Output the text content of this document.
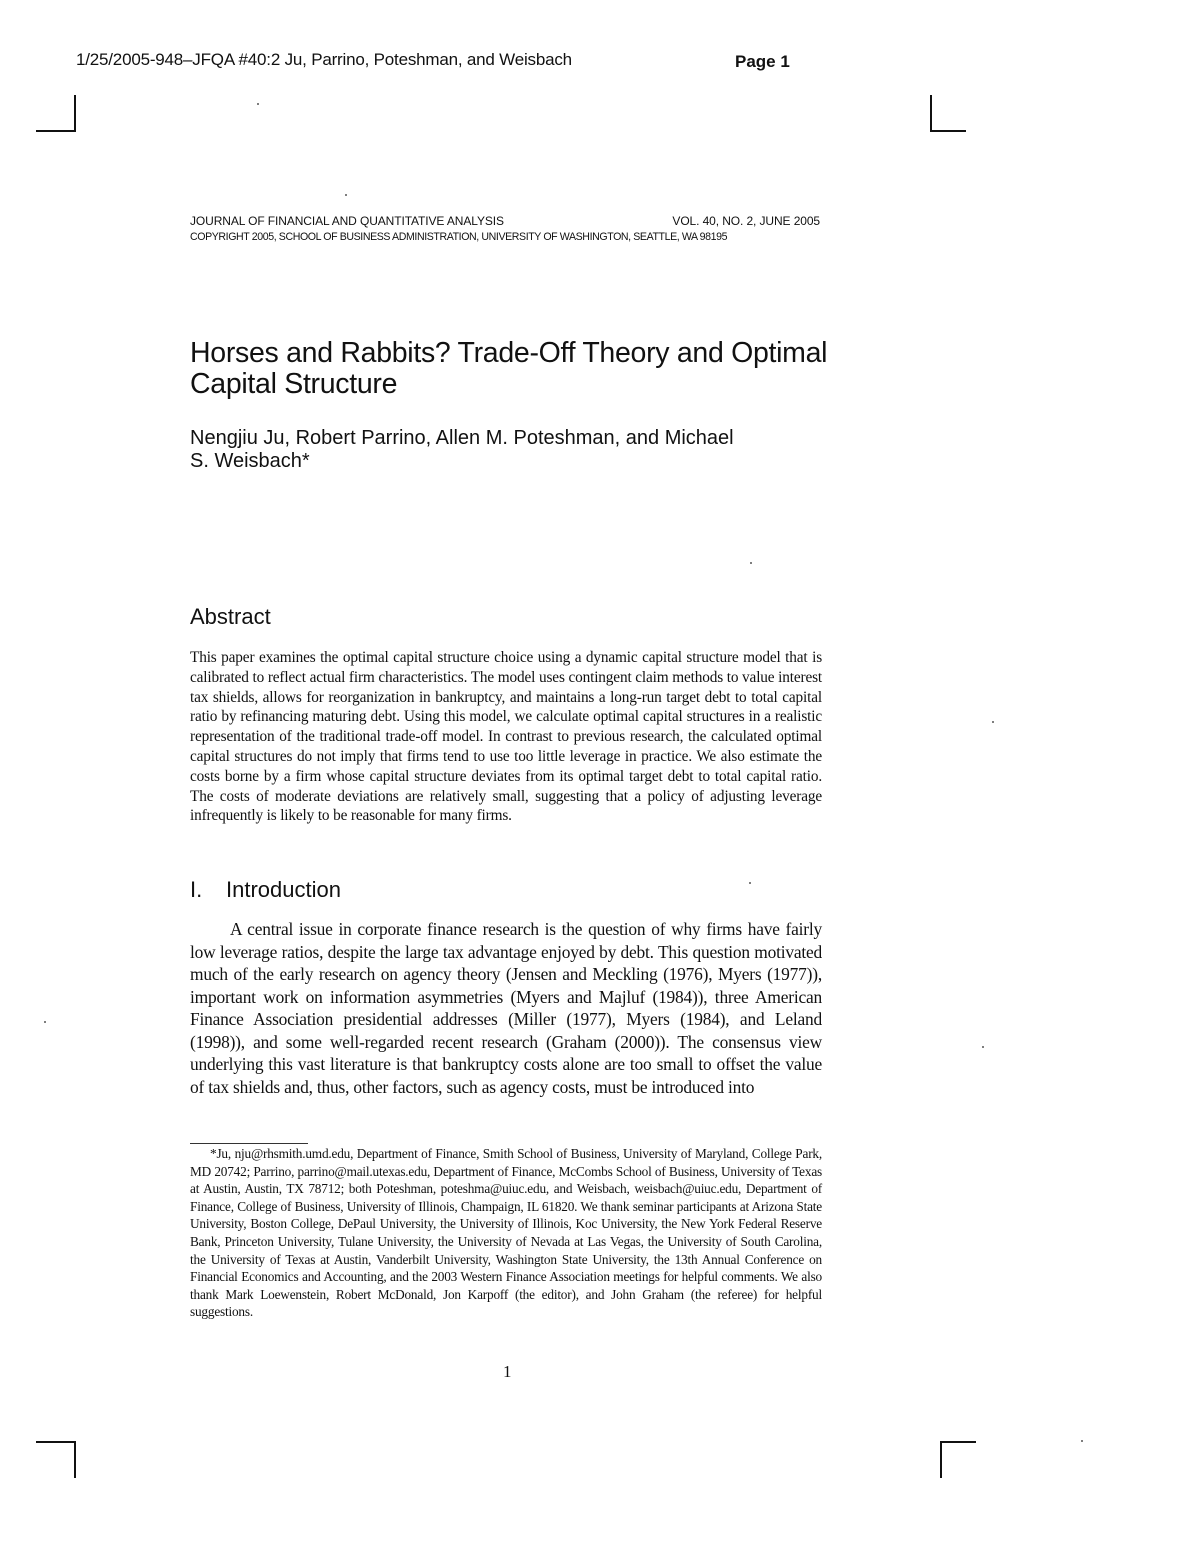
1/25/2005-948–JFQA #40:2 Ju, Parrino, Poteshman, and Weisbach	Page 1
JOURNAL OF FINANCIAL AND QUANTITATIVE ANALYSIS	VOL. 40, NO. 2, JUNE 2005
COPYRIGHT 2005, SCHOOL OF BUSINESS ADMINISTRATION, UNIVERSITY OF WASHINGTON, SEATTLE, WA 98195
Horses and Rabbits? Trade-Off Theory and Optimal Capital Structure
Nengjiu Ju, Robert Parrino, Allen M. Poteshman, and Michael S. Weisbach*
Abstract
This paper examines the optimal capital structure choice using a dynamic capital structure model that is calibrated to reflect actual firm characteristics. The model uses contingent claim methods to value interest tax shields, allows for reorganization in bankruptcy, and maintains a long-run target debt to total capital ratio by refinancing maturing debt. Using this model, we calculate optimal capital structures in a realistic representation of the traditional trade-off model. In contrast to previous research, the calculated optimal capital structures do not imply that firms tend to use too little leverage in practice. We also estimate the costs borne by a firm whose capital structure deviates from its optimal target debt to total capital ratio. The costs of moderate deviations are relatively small, suggesting that a policy of adjusting leverage infrequently is likely to be reasonable for many firms.
I. Introduction
A central issue in corporate finance research is the question of why firms have fairly low leverage ratios, despite the large tax advantage enjoyed by debt. This question motivated much of the early research on agency theory (Jensen and Meckling (1976), Myers (1977)), important work on information asymmetries (Myers and Majluf (1984)), three American Finance Association presidential addresses (Miller (1977), Myers (1984), and Leland (1998)), and some well-regarded recent research (Graham (2000)). The consensus view underlying this vast literature is that bankruptcy costs alone are too small to offset the value of tax shields and, thus, other factors, such as agency costs, must be introduced into
*Ju, nju@rhsmith.umd.edu, Department of Finance, Smith School of Business, University of Maryland, College Park, MD 20742; Parrino, parrino@mail.utexas.edu, Department of Finance, McCombs School of Business, University of Texas at Austin, Austin, TX 78712; both Poteshman, poteshma@uiuc.edu, and Weisbach, weisbach@uiuc.edu, Department of Finance, College of Business, University of Illinois, Champaign, IL 61820. We thank seminar participants at Arizona State University, Boston College, DePaul University, the University of Illinois, Koc University, the New York Federal Reserve Bank, Princeton University, Tulane University, the University of Nevada at Las Vegas, the University of South Carolina, the University of Texas at Austin, Vanderbilt University, Washington State University, the 13th Annual Conference on Financial Economics and Accounting, and the 2003 Western Finance Association meetings for helpful comments. We also thank Mark Loewenstein, Robert McDonald, Jon Karpoff (the editor), and John Graham (the referee) for helpful suggestions.
1
